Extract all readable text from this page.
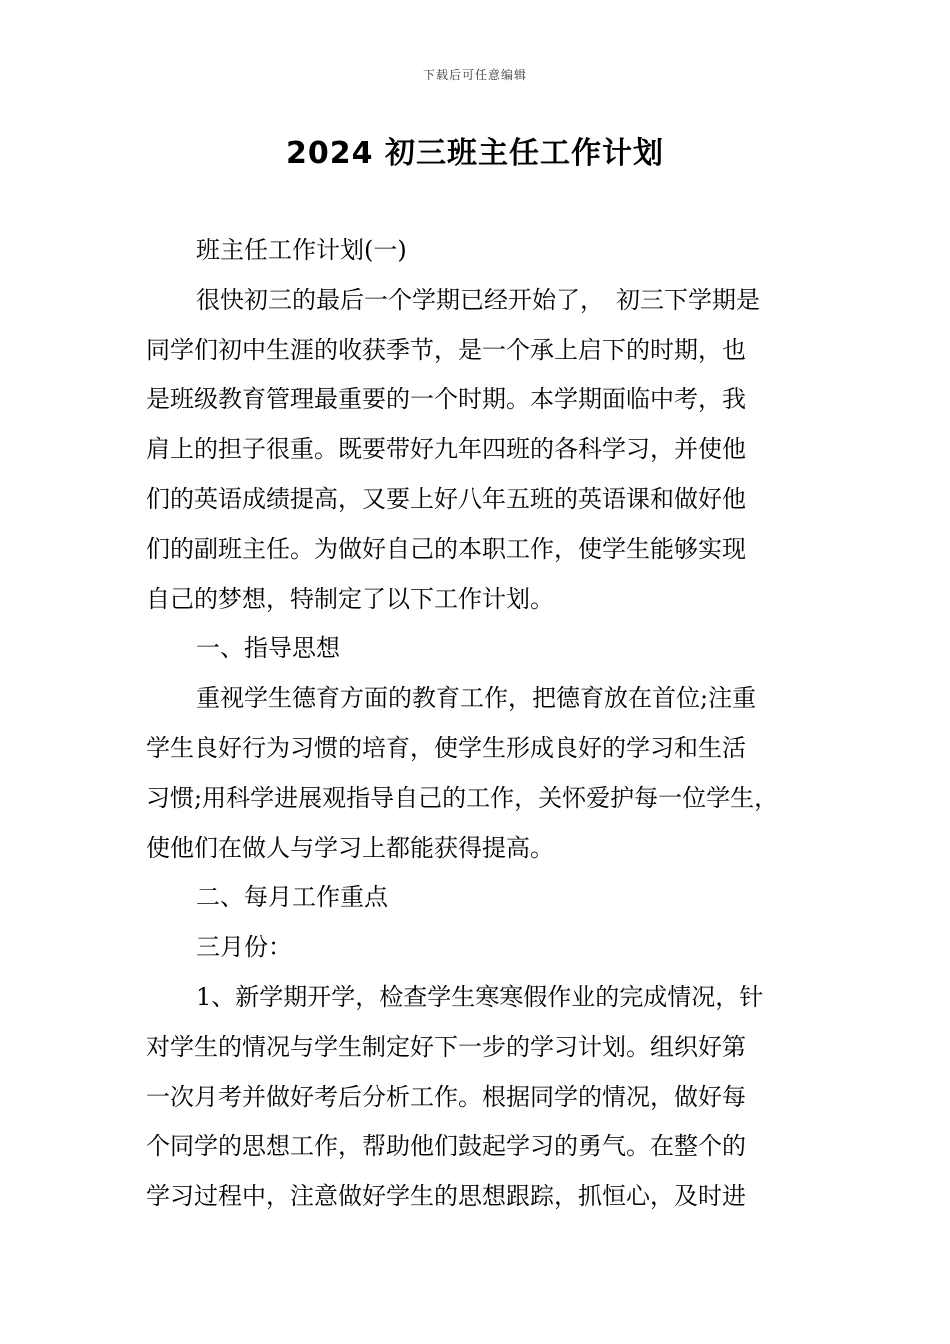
下载后可任意编辑
2024 初三班主任工作计划
班主任工作计划(一)
很快初三的最后一个学期已经开始了，　初三下学期是
同学们初中生涯的收获季节，是一个承上启下的时期，也
是班级教育管理最重要的一个时期。本学期面临中考，我
肩上的担子很重。既要带好九年四班的各科学习，并使他
们的英语成绩提高，又要上好八年五班的英语课和做好他
们的副班主任。为做好自己的本职工作，使学生能够实现
自己的梦想，特制定了以下工作计划。
一、指导思想
重视学生德育方面的教育工作，把德育放在首位;注重
学生良好行为习惯的培育，使学生形成良好的学习和生活
习惯;用科学进展观指导自己的工作，关怀爱护每一位学生，
使他们在做人与学习上都能获得提高。
二、每月工作重点
三月份：
1、新学期开学，检查学生寒寒假作业的完成情况，针
对学生的情况与学生制定好下一步的学习计划。组织好第
一次月考并做好考后分析工作。根据同学的情况，做好每
个同学的思想工作，帮助他们鼓起学习的勇气。在整个的
学习过程中，注意做好学生的思想跟踪，抓恒心，及时进
